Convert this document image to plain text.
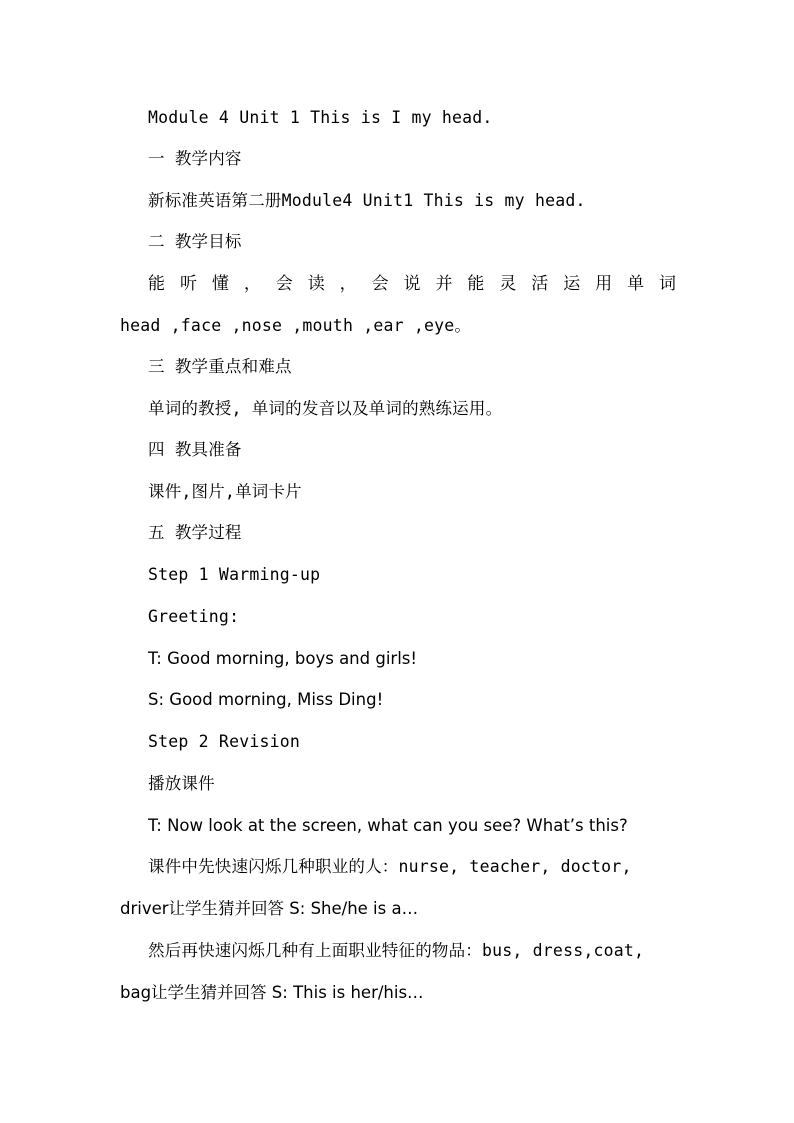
Module 4 Unit 1 This is I my head.
一 教学内容
新标准英语第二册Module4 Unit1 This is my head.
二 教学目标
能 听 懂 ， 会 读 ， 会 说 并 能 灵 活 运 用 单 词
head ,face ,nose ,mouth ,ear ,eye。
三 教学重点和难点
单词的教授, 单词的发音以及单词的熟练运用。
四 教具准备
课件,图片,单词卡片
五 教学过程
Step 1 Warming-up
Greeting:
T: Good morning, boys and girls!
S: Good morning, Miss Ding!
Step 2 Revision
播放课件
T: Now look at the screen, what can you see? What’s this?
课件中先快速闪烁几种职业的人：nurse, teacher, doctor,
driver让学生猜并回答 S: She/he is a…
然后再快速闪烁几种有上面职业特征的物品：bus, dress,coat,
bag让学生猜并回答 S: This is her/his…
